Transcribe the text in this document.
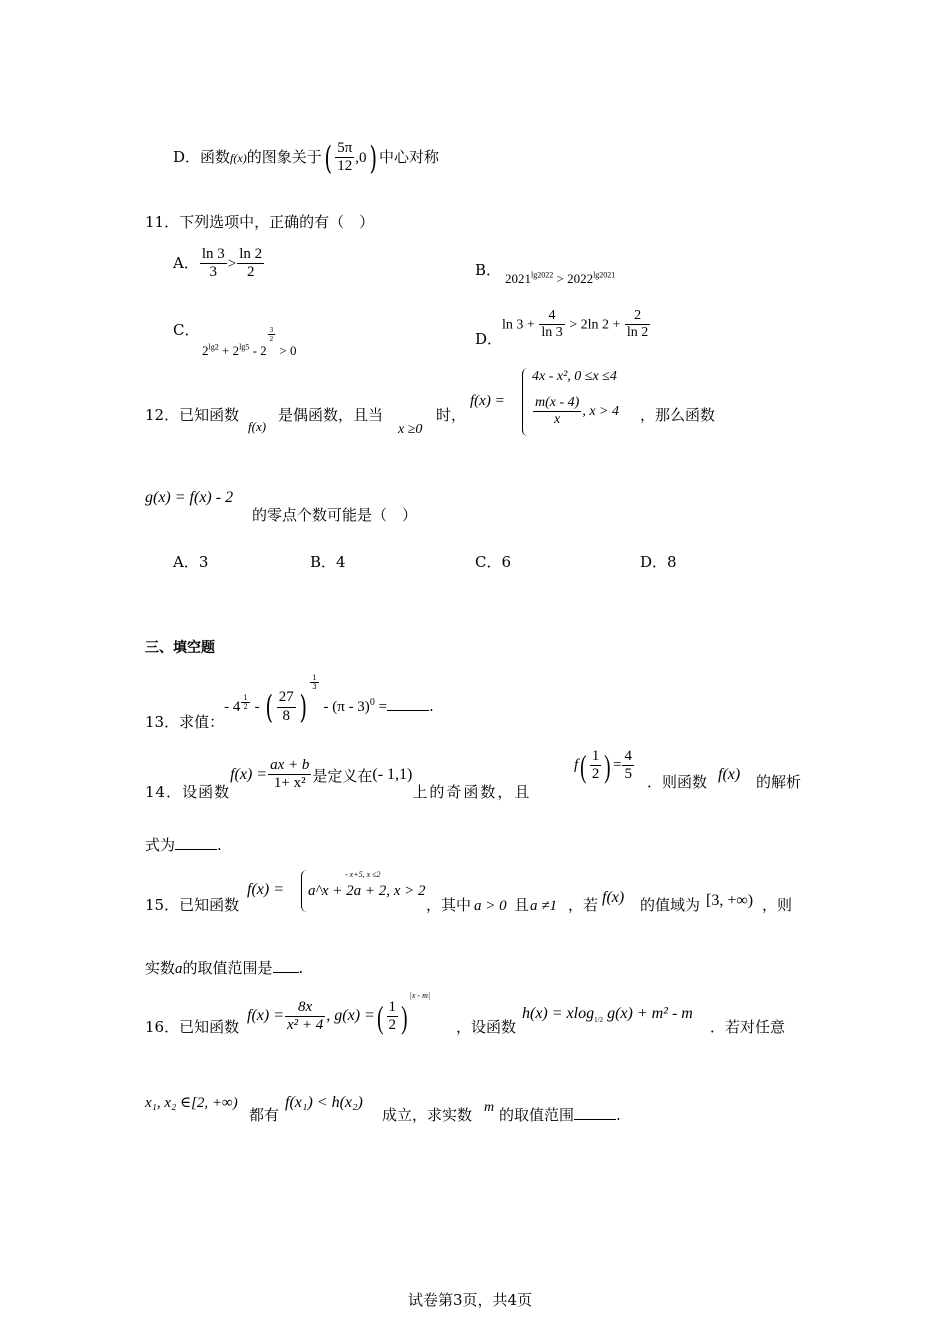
D．函数f(x)的图象关于( $\frac{5\pi}{12} ,0$) 中心对称
11．下列选项中，正确的有（　）
A． $\frac{\ln 3}{3} > \frac{\ln 2}{2}$	B． $2021^{lg2022} > 2022^{lg2021}$
C．
$2^{lg2} + 2^{lg5} - 2$
$\frac{3}{2}$
> 0
D．$\ln 3 + \frac{4}{\ln 3} > 2\ln$ $2 + \frac{2}{\ln 2}$
12．已知函数
f(x)
是偶函数，且当
x ≥0
时，
f(x) =
4x - x², 0 ≤x ≤4
$\frac{m(x - 4)}{x}$ , x > 4 ，那么函数
g(x) = f(x) - 2
的零点个数可能是（　）
A．3	B．4	C．6	D．8
三、填空题
13．求值：- 4 $^{\frac{1}{2}}$ - ( $\frac{27}{8}$ )
$^{\frac{1}{3}}$
- (π - 3)$^0$ =	.
14．设函数$f(x) = \frac{ax + b}{\text{1+ x²}}$ 是定义在(- 1,1)上的奇函数，且
$f( \frac{1}{2}$ ) = $\frac{4}{5}$ ．则函数 f(x) 的解析
式为	.
15．已知函数
f(x) =
- x+5, x ≤2
a^x + 2a + 2, x > 2
，其中 a > 0 且 a ≠1 ，若 f(x) 的值域为 [3, +∞) ，则
实数a的取值范围是 .
16．已知函数
$f(x) = \frac{8x}{\text{x² + 4}}$ , g(x) =( $\frac{1}{2} )^{|x - m|}$
，设函数
h(x) = xlog$_{1/2}$ g(x) + m² - m
．若对任意
x₁, x₂ ∈[2, +∞)
都有
f(x₁) < h(x₂)
成立，求实数 m 的取值范围	.
试卷第3页，共4页
